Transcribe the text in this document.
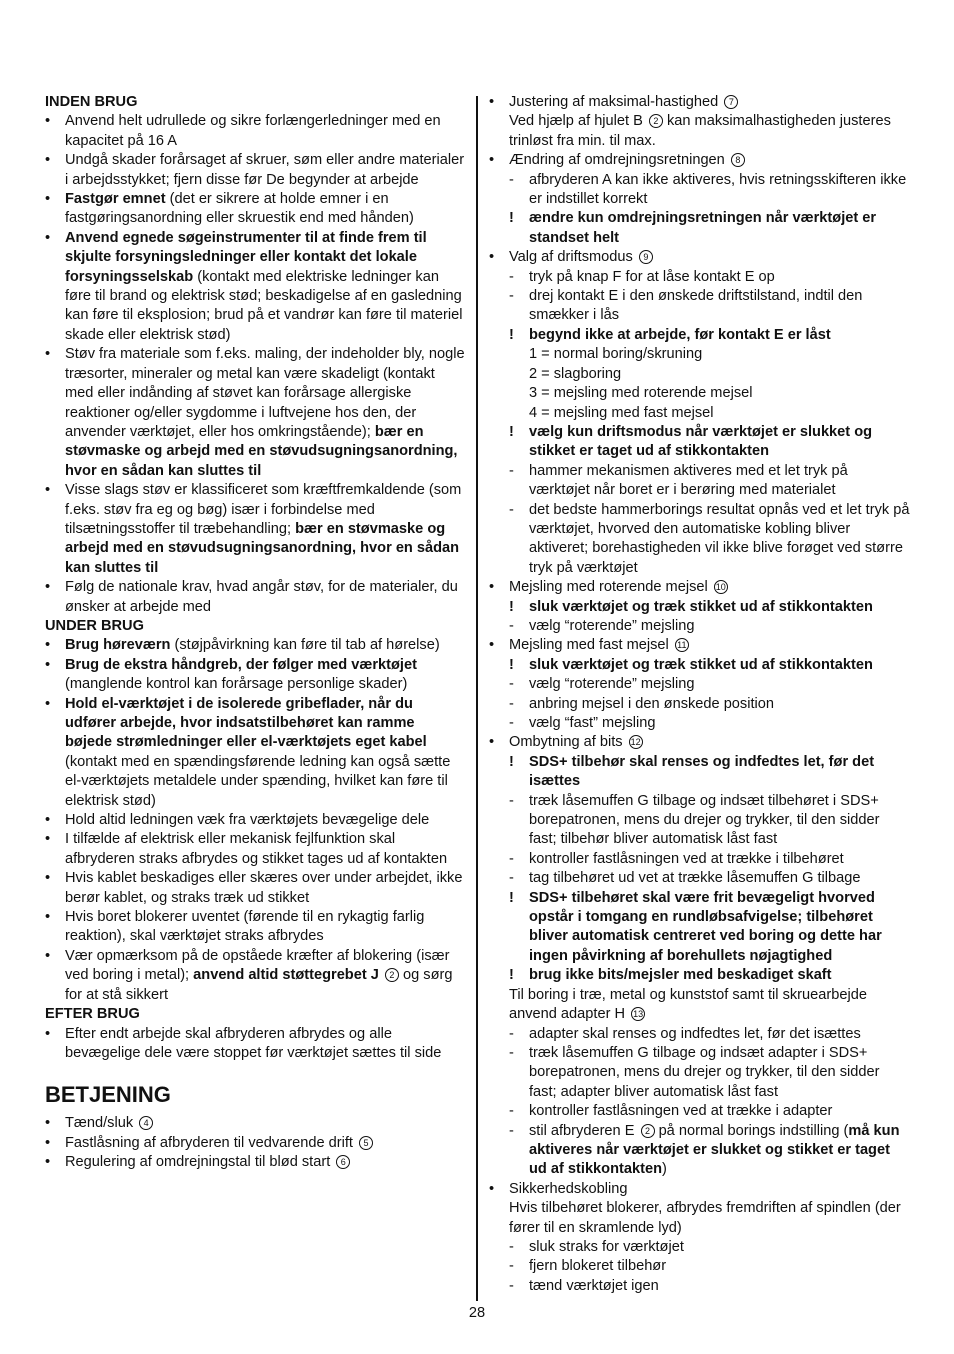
INDEN BRUG
•	Anvend helt udrullede og sikre forlængerledninger med en kapacitet på 16 A
•	Undgå skader forårsaget af skruer, søm eller andre materialer i arbejdsstykket; fjern disse før De begynder at arbejde
•	Fastgør emnet (det er sikrere at holde emner i en fastgøringsanordning eller skruestik end med hånden)
•	Anvend egnede søgeinstrumenter til at finde frem til skjulte forsyningsledninger eller kontakt det lokale forsyningsselskab (kontakt med elektriske ledninger kan føre til brand og elektrisk stød; beskadigelse af en gasledning kan føre til eksplosion; brud på et vandrør kan føre til materiel skade eller elektrisk stød)
•	Støv fra materiale som f.eks. maling, der indeholder bly, nogle træsorter, mineraler og metal kan være skadeligt (kontakt med eller indånding af støvet kan forårsage allergiske reaktioner og/eller sygdomme i luftvejene hos den, der anvender værktøjet, eller hos omkringstående); bær en støvmaske og arbejd med en støvudsugningsanordning, hvor en sådan kan sluttes til
•	Visse slags støv er klassificeret som kræftfremkaldende (som f.eks. støv fra eg og bøg) især i forbindelse med tilsætningsstoffer til træbehandling; bær en støvmaske og arbejd med en støvudsugningsanordning, hvor en sådan kan sluttes til
•	Følg de nationale krav, hvad angår støv, for de materialer, du ønsker at arbejde med
UNDER BRUG
•	Brug høreværn (støjpåvirkning kan føre til tab af hørelse)
•	Brug de ekstra håndgreb, der følger med værktøjet (manglende kontrol kan forårsage personlige skader)
•	Hold el-værktøjet i de isolerede gribeflader, når du udfører arbejde, hvor indsatstilbehøret kan ramme bøjede strømledninger eller el-værktøjets eget kabel (kontakt med en spændingsførende ledning kan også sætte el-værktøjets metaldele under spænding, hvilket kan føre til elektrisk stød)
•	Hold altid ledningen væk fra værktøjets bevægelige dele
•	I tilfælde af elektrisk eller mekanisk fejlfunktion skal afbryderen straks afbrydes og stikket tages ud af kontakten
•	Hvis kablet beskadiges eller skæres over under arbejdet, ikke berør kablet, og straks træk ud stikket
•	Hvis boret blokerer uventet (førende til en rykagtig farlig reaktion), skal værktøjet straks afbrydes
•	Vær opmærksom på de opståede kræfter af blokering (især ved boring i metal); anvend altid støttegrebet J 2 og sørg for at stå sikkert
EFTER BRUG
•	Efter endt arbejde skal afbryderen afbrydes og alle bevægelige dele være stoppet før værktøjet sættes til side
BETJENING
•	Tænd/sluk 4
•	Fastlåsning af afbryderen til vedvarende drift 5
•	Regulering af omdrejningstal til blød start 6
•	Justering af maksimal-hastighed 7
Ved hjælp af hjulet B 2 kan maksimalhastigheden justeres trinløst fra min. til max.
•	Ændring af omdrejningsretningen 8
-	afbryderen A kan ikke aktiveres, hvis retningsskifteren ikke er indstillet korrekt
!	ændre kun omdrejningsretningen når værktøjet er standset helt
•	Valg af driftsmodus 9
-	tryk på knap F for at låse kontakt E op
-	drej kontakt E i den ønskede driftstilstand, indtil den smækker i lås
!	begynd ikke at arbejde, før kontakt E er låst
1 = normal boring/skruning
2 = slagboring
3 = mejsling med roterende mejsel
4 = mejsling med fast mejsel
!	vælg kun driftsmodus når værktøjet er slukket og stikket er taget ud af stikkontakten
-	hammer mekanismen aktiveres med et let tryk på værktøjet når boret er i berøring med materialet
-	det bedste hammerborings resultat opnås ved et let tryk på værktøjet, hvorved den automatiske kobling bliver aktiveret; borehastigheden vil ikke blive forøget ved større tryk på værktøjet
•	Mejsling med roterende mejsel 10
!	sluk værktøjet og træk stikket ud af stikkontakten
-	vælg “roterende” mejsling
•	Mejsling med fast mejsel 11
!	sluk værktøjet og træk stikket ud af stikkontakten
-	vælg “roterende” mejsling
-	anbring mejsel i den ønskede position
-	vælg “fast” mejsling
•	Ombytning af bits 12
!	SDS+ tilbehør skal renses og indfedtes let, før det isættes
-	træk låsemuffen G tilbage og indsæt tilbehøret i SDS+ borepatronen, mens du drejer og trykker, til den sidder fast; tilbehør bliver automatisk låst fast
-	kontroller fastlåsningen ved at trække i tilbehøret
-	tag tilbehøret ud vet at trække låsemuffen G tilbage
!	SDS+ tilbehøret skal være frit bevægeligt hvorved opstår i tomgang en rundløbsafvigelse; tilbehøret bliver automatisk centreret ved boring og dette har ingen påvirkning af borehullets nøjagtighed
!	brug ikke bits/mejsler med beskadiget skaft
Til boring i træ, metal og kunststof samt til skruearbejde anvend adapter H 13
-	adapter skal renses og indfedtes let, før det isættes
-	træk låsemuffen G tilbage og indsæt adapter i SDS+ borepatronen, mens du drejer og trykker, til den sidder fast; adapter bliver automatisk låst fast
-	kontroller fastlåsningen ved at trække i adapter
-	stil afbryderen E 2 på normal borings indstilling (må kun aktiveres når værktøjet er slukket og stikket er taget ud af stikkontakten)
•	Sikkerhedskobling
Hvis tilbehøret blokerer, afbrydes fremdriften af spindlen (der fører til en skramlende lyd)
-	sluk straks for værktøjet
-	fjern blokeret tilbehør
-	tænd værktøjet igen
28
